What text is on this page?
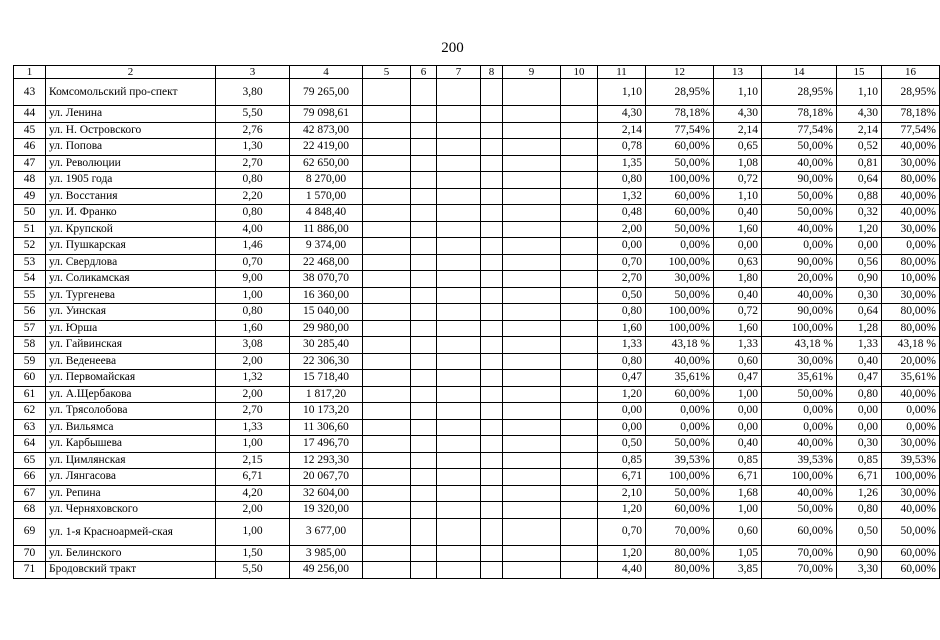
200
1	2	3	4	5	6	7	8	9	10	11	12	13	14	15	16
43	Комсомольский про-спект	3,80	79 265,00							1,10	28,95%	1,10	28,95%	1,10	28,95%
44	ул. Ленина	5,50	79 098,61							4,30	78,18%	4,30	78,18%	4,30	78,18%
45	ул. Н. Островского	2,76	42 873,00							2,14	77,54%	2,14	77,54%	2,14	77,54%
46	ул. Попова	1,30	22 419,00							0,78	60,00%	0,65	50,00%	0,52	40,00%
47	ул. Революции	2,70	62 650,00							1,35	50,00%	1,08	40,00%	0,81	30,00%
48	ул. 1905 года	0,80	8 270,00							0,80	100,00%	0,72	90,00%	0,64	80,00%
49	ул. Восстания	2,20	1 570,00							1,32	60,00%	1,10	50,00%	0,88	40,00%
50	ул. И. Франко	0,80	4 848,40							0,48	60,00%	0,40	50,00%	0,32	40,00%
51	ул. Крупской	4,00	11 886,00							2,00	50,00%	1,60	40,00%	1,20	30,00%
52	ул. Пушкарская	1,46	9 374,00							0,00	0,00%	0,00	0,00%	0,00	0,00%
53	ул. Свердлова	0,70	22 468,00							0,70	100,00%	0,63	90,00%	0,56	80,00%
54	ул. Соликамская	9,00	38 070,70							2,70	30,00%	1,80	20,00%	0,90	10,00%
55	ул. Тургенева	1,00	16 360,00							0,50	50,00%	0,40	40,00%	0,30	30,00%
56	ул. Уинская	0,80	15 040,00							0,80	100,00%	0,72	90,00%	0,64	80,00%
57	ул. Юрша	1,60	29 980,00							1,60	100,00%	1,60	100,00%	1,28	80,00%
58	ул. Гайвинская	3,08	30 285,40							1,33	43,18 %	1,33	43,18 %	1,33	43,18 %
59	ул. Веденеева	2,00	22 306,30							0,80	40,00%	0,60	30,00%	0,40	20,00%
60	ул. Первомайская	1,32	15 718,40							0,47	35,61%	0,47	35,61%	0,47	35,61%
61	ул. А.Щербакова	2,00	1 817,20							1,20	60,00%	1,00	50,00%	0,80	40,00%
62	ул. Трясолобова	2,70	10 173,20							0,00	0,00%	0,00	0,00%	0,00	0,00%
63	ул. Вильямса	1,33	11 306,60							0,00	0,00%	0,00	0,00%	0,00	0,00%
64	ул. Карбышева	1,00	17 496,70							0,50	50,00%	0,40	40,00%	0,30	30,00%
65	ул. Цимлянская	2,15	12 293,30							0,85	39,53%	0,85	39,53%	0,85	39,53%
66	ул. Лянгасова	6,71	20 067,70							6,71	100,00%	6,71	100,00%	6,71	100,00%
67	ул. Репина	4,20	32 604,00							2,10	50,00%	1,68	40,00%	1,26	30,00%
68	ул. Черняховского	2,00	19 320,00							1,20	60,00%	1,00	50,00%	0,80	40,00%
69	ул. 1-я Красноармей-ская	1,00	3 677,00							0,70	70,00%	0,60	60,00%	0,50	50,00%
70	ул. Белинского	1,50	3 985,00							1,20	80,00%	1,05	70,00%	0,90	60,00%
71	Бродовский тракт	5,50	49 256,00							4,40	80,00%	3,85	70,00%	3,30	60,00%
